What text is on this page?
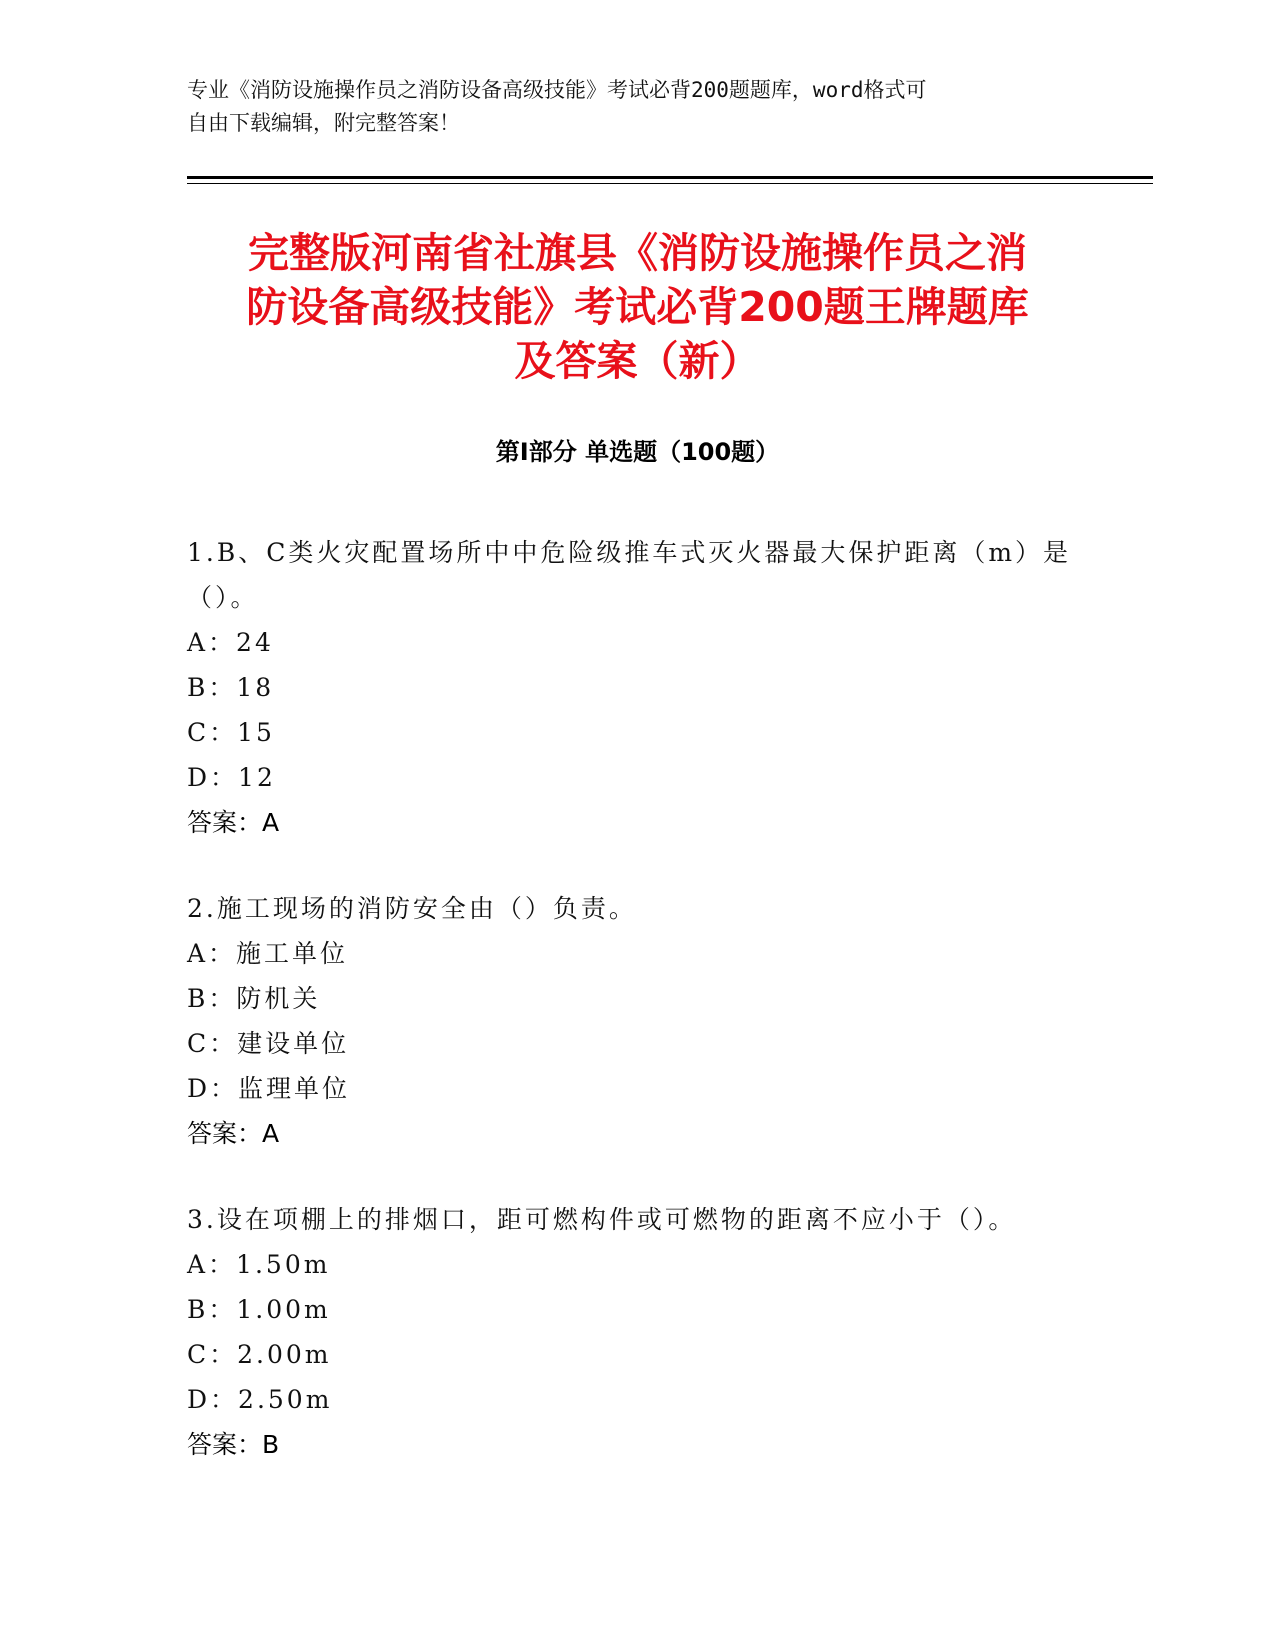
专业《消防设施操作员之消防设备高级技能》考试必背200题题库，word格式可
自由下载编辑，附完整答案！
完整版河南省社旗县《消防设施操作员之消
防设备高级技能》考试必背200题王牌题库
及答案（新）
第Ⅰ部分 单选题（100题）
1.B、C类火灾配置场所中中危险级推车式灭火器最大保护距离（m）是
（）。
A：24
B：18
C：15
D：12
答案：A
2.施工现场的消防安全由（）负责。
A：施工单位
B：防机关
C：建设单位
D：监理单位
答案：A
3.设在项棚上的排烟口，距可燃构件或可燃物的距离不应小于（）。
A：1.50m
B：1.00m
C：2.00m
D：2.50m
答案：B
